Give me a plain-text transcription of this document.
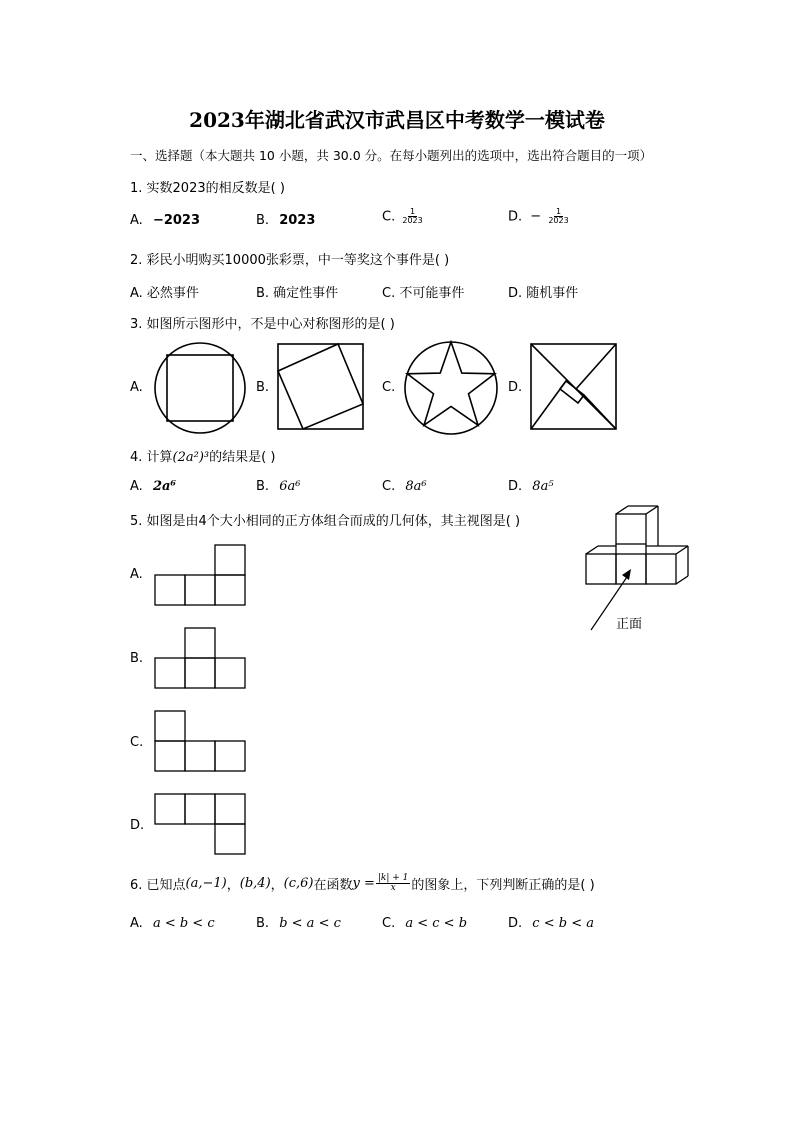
2023年湖北省武汉市武昌区中考数学一模试卷
一、选择题（本大题共 10 小题，共 30.0 分。在每小题列出的选项中，选出符合题目的一项）
1. 实数2023的相反数是( )
A. −2023	B. 2023	C. $\frac{1}{2023}$	D. − $\frac{1}{2023}$
2. 彩民小明购买10000张彩票，中一等奖这个事件是( )
A. 必然事件	B. 确定性事件	C. 不可能事件	D. 随机事件
3. 如图所示图形中，不是中心对称图形的是( )
A.	B.	C.	D.
4. 计算(2a²)³的结果是( )
A. 2a⁶	B. 6a⁶	C. 8a⁶	D. 8a⁵
5. 如图是由4个大小相同的正方体组合而成的几何体，其主视图是( )
正面
A.
B.
C.
D.
6. 已知点 (a,−1) ， (b,4) ， (c,6) 在函数 $y = \frac{|k| + 1}{x}$ 的图象上，下列判断正确的是( )
A. a < b < c	B. b < a < c	C. a < c < b	D. c < b < a
